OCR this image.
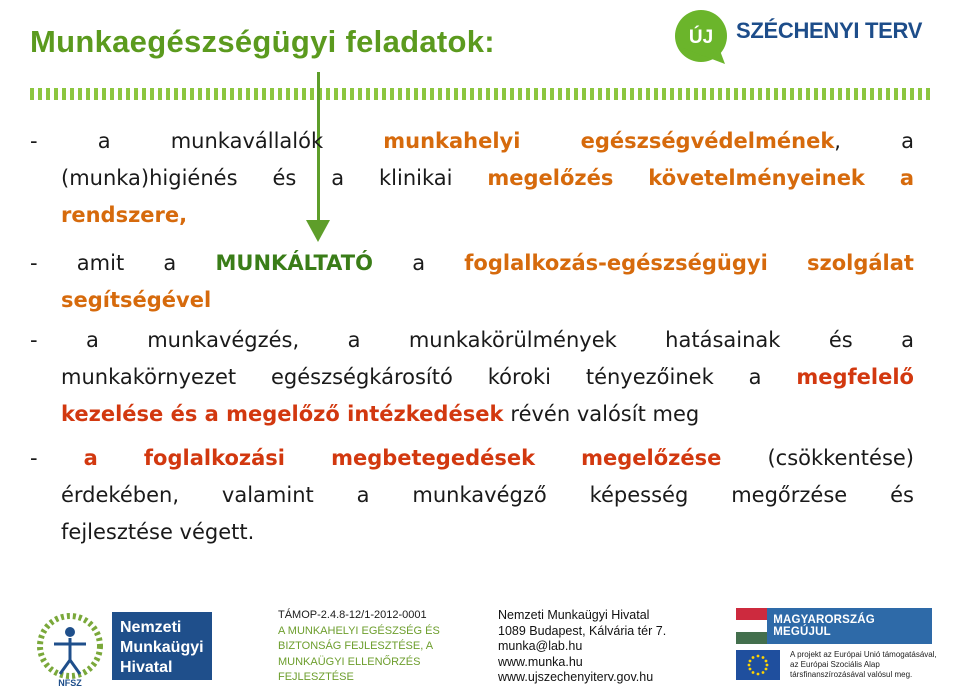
Munkaegészségügyi feladatok:	ÚJ SZÉCHENYI TERV
-	a	munkavállalók	munkahelyi	egészségvédelmének,	a
(munka)higiénés és a klinikai megelőzés követelményeinek a
rendszere,
- amit a MUNKÁLTATÓ a foglalkozás-egészségügyi szolgálat
segítségével
- a munkavégzés, a munkakörülmények hatásainak és a
munkakörnyezet egészségkárosító kóroki tényezőinek a megfelelő
kezelése és a megelőző intézkedések révén valósít meg
- a foglalkozási megbetegedések megelőzése (csökkentése)
érdekében, valamint a munkavégző képesség megőrzése és
fejlesztése végett.
NFSZ
Nemzeti
Munkaügyi
Hivatal
TÁMOP-2.4.8-12/1-2012-0001
A MUNKAHELYI EGÉSZSÉG ÉS
BIZTONSÁG FEJLESZTÉSE, A
MUNKAÜGYI ELLENŐRZÉS
FEJLESZTÉSE
Nemzeti Munkaügyi Hivatal
1089 Budapest, Kálvária tér 7.
munka@lab.hu
www.munka.hu
www.ujszechenyiterv.gov.hu
MAGYARORSZÁG MEGÚJUL
A projekt az Európai Unió támogatásával,
az Európai Szociális Alap
társfinanszírozásával valósul meg.
